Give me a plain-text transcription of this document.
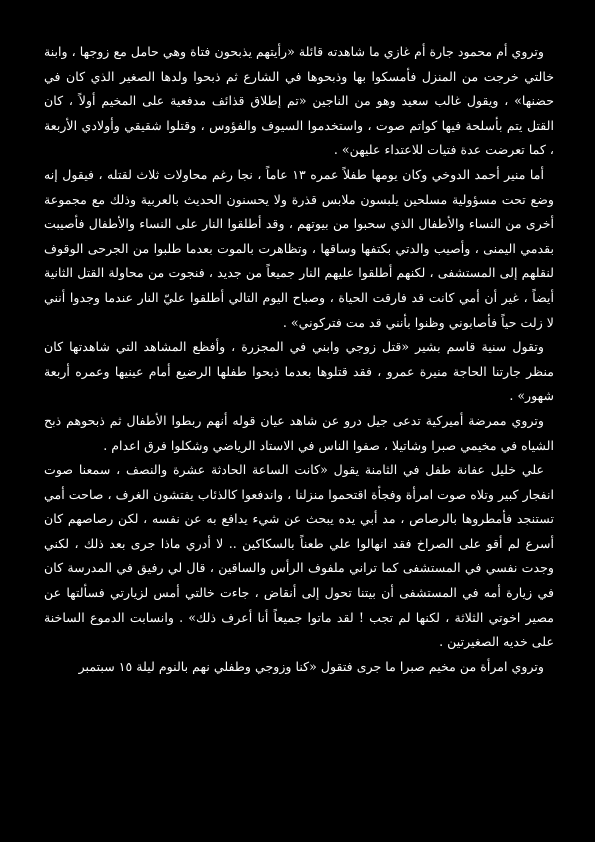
وتروي أم محمود جارة أم غازي ما شاهدته قائلة «رأيتهم يذبحون فتاة وهي حامل مع زوجها ، وابنة خالتي خرجت من المنزل فأمسكوا بها وذبحوها في الشارع ثم ذبحوا ولدها الصغير الذي كان في حضنها» ، ويقول غالب سعيد وهو من الناجين «تم إطلاق قذائف مدفعية على المخيم أولاً ، كان القتل يتم بأسلحة فيها كواتم صوت ، واستخدموا السيوف والفؤوس ، وقتلوا شقيقي وأولادي الأربعة ، كما تعرضت عدة فتيات للاعتداء عليهن» .

أما منير أحمد الدوخي وكان يومها طفلاً عمره ١٣ عاماً ، نجا رغم محاولات ثلاث لقتله ، فيقول إنه وضع تحت مسؤولية مسلحين يلبسون ملابس قذرة ولا يحسنون الحديث بالعربية وذلك مع مجموعة أخرى من النساء والأطفال الذي سحبوا من بيوتهم ، وقد أطلقوا النار على النساء والأطفال فأصيبت بقدمي اليمنى ، وأصيب والدتي بكتفها وساقها ، وتظاهرت بالموت بعدما طلبوا من الجرحى الوقوف لنقلهم إلى المستشفى ، لكنهم أطلقوا عليهم النار جميعاً من جديد ، فنجوت من محاولة القتل الثانية أيضاً ، غير أن أمي كانت قد فارقت الحياة ، وصباح اليوم التالي أطلقوا عليّ النار عندما وجدوا أنني لا زلت حياً فأصابوني وظنوا بأنني قد مت فتركوني» .

وتقول سنية قاسم بشير «قتل زوجي وابني في المجزرة ، وأفظع المشاهد التي شاهدتها كان منظر جارتنا الحاجة منيرة عمرو ، فقد قتلوها بعدما ذبحوا طفلها الرضيع أمام عينيها وعمره أربعة شهور» .

وتروي ممرضة أميركية تدعى جيل درو عن شاهد عيان قوله أنهم ربطوا الأطفال ثم ذبحوهم ذبح الشياه في مخيمي صبرا وشاتيلا ، صفوا الناس في الاستاد الرياضي وشكلوا فرق اعدام .

علي خليل عفانة طفل في الثامنة يقول «كانت الساعة الحادثة عشرة والنصف ، سمعنا صوت انفجار كبير وتلاه صوت امرأة وفجأة اقتحموا منزلنا ، واندفعوا كالذئاب يفتشون الغرف ، صاحت أمي تستنجد فأمطروها بالرصاص ، مد أبي يده يبحث عن شيء يدافع به عن نفسه ، لكن رصاصهم كان أسرع لم أقو على الصراخ فقد انهالوا علي طعناً بالسكاكين .. لا أدري ماذا جرى بعد ذلك ، لكني وجدت نفسي في المستشفى كما تراني ملفوف الرأس والساقين ، قال لي رفيق في المدرسة كان في زيارة أمه في المستشفى أن بيتنا تحول إلى أنقاض ، جاءت خالتي أمس لزيارتي فسألتها عن مصير اخوتي الثلاثة ، لكنها لم تجب ! لقد ماتوا جميعاً أنا أعرف ذلك» . وانسابت الدموع الساخنة على خديه الصغيرتين .

وتروي امرأة من مخيم صبرا ما جرى فتقول «كنا وزوجي وطفلي نهم بالنوم ليلة ١٥ سبتمبر
